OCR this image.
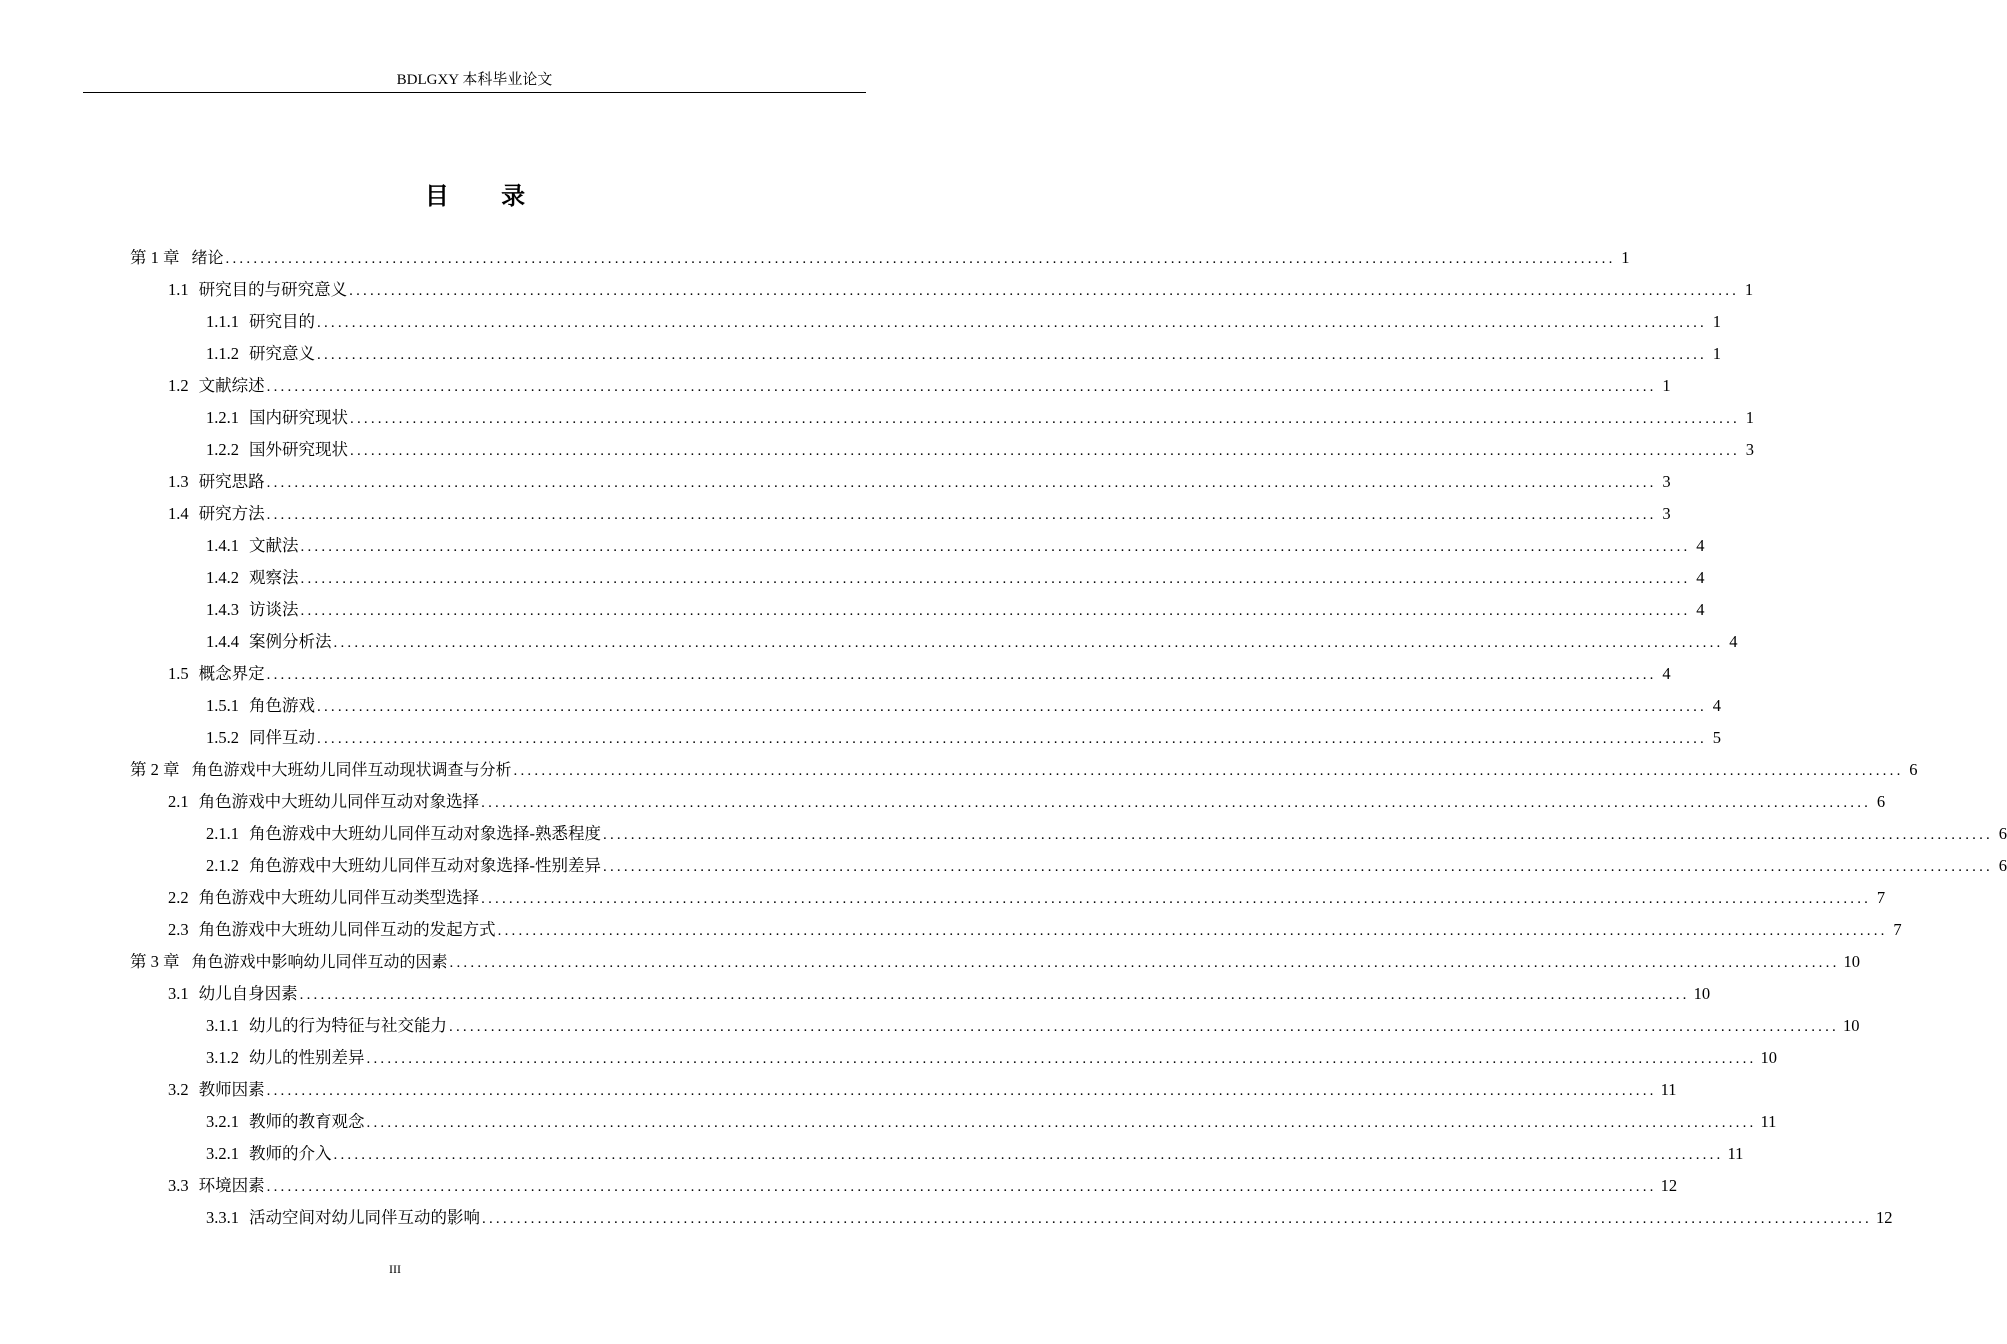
BDLGXY 本科毕业论文
目 录
第 1 章 绪论 ........................................................................................................................................................................................................ 1
1.1 研究目的与研究意义 ........................................................................................................................................................................................................ 1
1.1.1 研究目的 ........................................................................................................................................................................................................ 1
1.1.2 研究意义 ........................................................................................................................................................................................................ 1
1.2 文献综述 ........................................................................................................................................................................................................ 1
1.2.1 国内研究现状 ........................................................................................................................................................................................................ 1
1.2.2 国外研究现状 ........................................................................................................................................................................................................ 3
1.3 研究思路 ........................................................................................................................................................................................................ 3
1.4 研究方法 ........................................................................................................................................................................................................ 3
1.4.1 文献法 ........................................................................................................................................................................................................ 4
1.4.2 观察法 ........................................................................................................................................................................................................ 4
1.4.3 访谈法 ........................................................................................................................................................................................................ 4
1.4.4 案例分析法 ........................................................................................................................................................................................................ 4
1.5 概念界定 ........................................................................................................................................................................................................ 4
1.5.1 角色游戏 ........................................................................................................................................................................................................ 4
1.5.2 同伴互动 ........................................................................................................................................................................................................ 5
第 2 章 角色游戏中大班幼儿同伴互动现状调查与分析 ........................................................................................................................................................................................................ 6
2.1 角色游戏中大班幼儿同伴互动对象选择 ........................................................................................................................................................................................................ 6
2.1.1 角色游戏中大班幼儿同伴互动对象选择-熟悉程度 ........................................................................................................................................................................................................ 6
2.1.2 角色游戏中大班幼儿同伴互动对象选择-性别差异 ........................................................................................................................................................................................................ 6
2.2 角色游戏中大班幼儿同伴互动类型选择 ........................................................................................................................................................................................................ 7
2.3 角色游戏中大班幼儿同伴互动的发起方式 ........................................................................................................................................................................................................ 7
第 3 章 角色游戏中影响幼儿同伴互动的因素 ........................................................................................................................................................................................................ 10
3.1 幼儿自身因素 ........................................................................................................................................................................................................ 10
3.1.1 幼儿的行为特征与社交能力 ........................................................................................................................................................................................................ 10
3.1.2 幼儿的性别差异 ........................................................................................................................................................................................................ 10
3.2 教师因素 ........................................................................................................................................................................................................ 11
3.2.1 教师的教育观念 ........................................................................................................................................................................................................ 11
3.2.1 教师的介入 ........................................................................................................................................................................................................ 11
3.3 环境因素 ........................................................................................................................................................................................................ 12
3.3.1 活动空间对幼儿同伴互动的影响 ........................................................................................................................................................................................................ 12
III
